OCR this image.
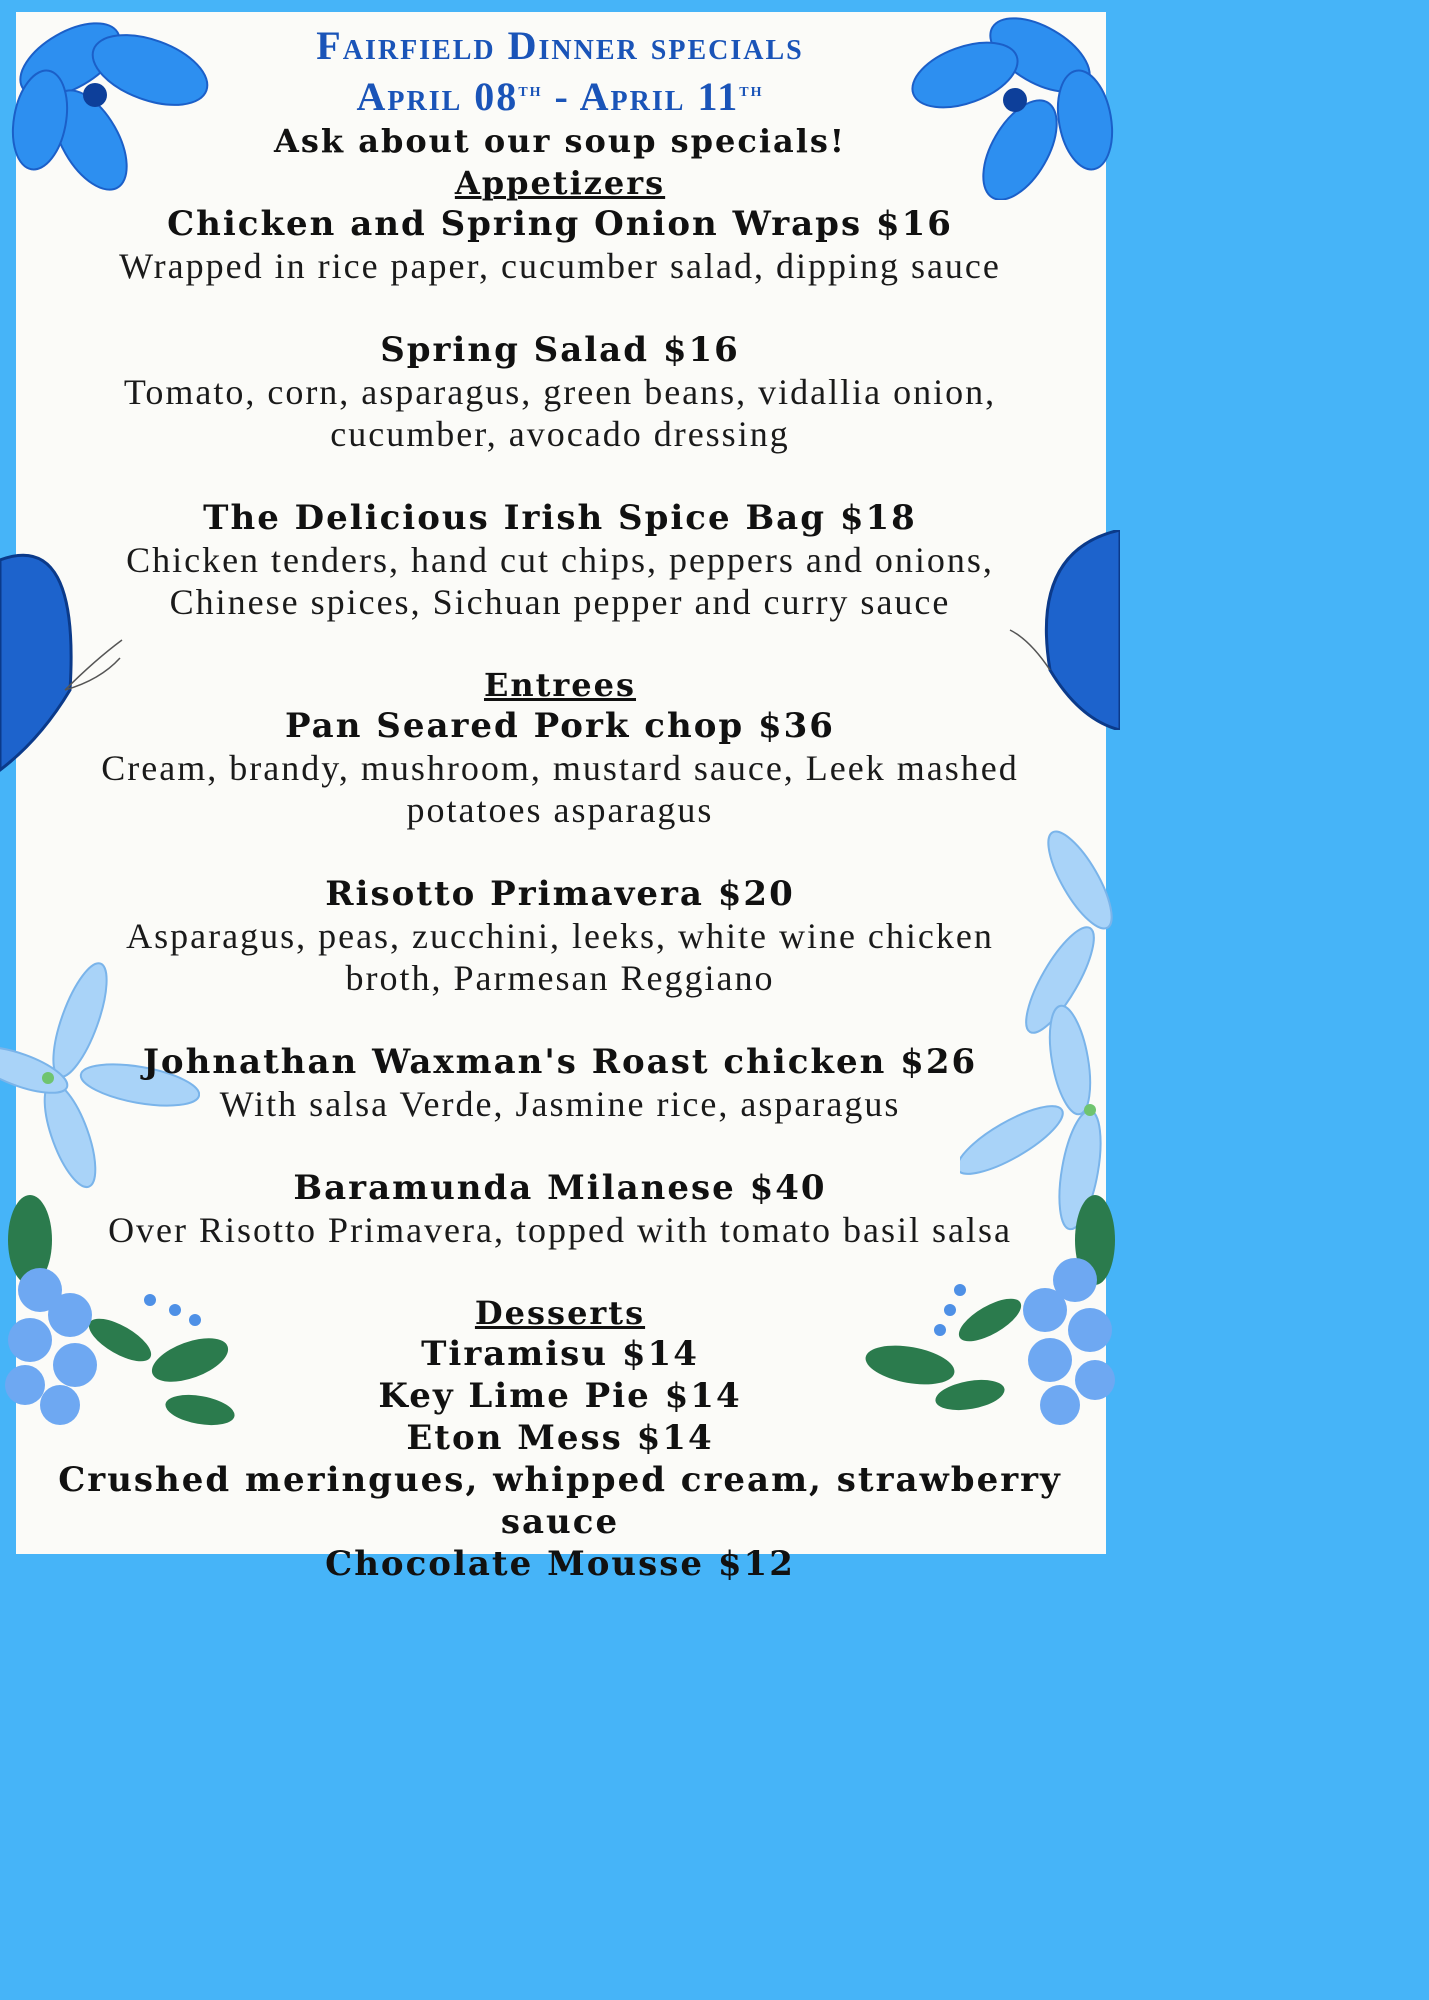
Fairfield Dinner specials
April 08th - April 11th
Ask about our soup specials!
Appetizers
Chicken and Spring Onion Wraps $16
Wrapped in rice paper, cucumber salad, dipping sauce
Spring Salad $16
Tomato, corn, asparagus, green beans, vidallia onion,
cucumber, avocado dressing
The Delicious Irish Spice Bag $18
Chicken tenders, hand cut chips, peppers and onions,
Chinese spices, Sichuan pepper and curry sauce
Entrees
Pan Seared Pork chop $36
Cream, brandy, mushroom, mustard sauce, Leek mashed
potatoes asparagus
Risotto Primavera $20
Asparagus, peas, zucchini, leeks, white wine chicken
broth, Parmesan Reggiano
Johnathan Waxman's Roast chicken $26
With salsa Verde, Jasmine rice, asparagus
Baramunda Milanese $40
Over Risotto Primavera, topped with tomato basil salsa
Desserts
Tiramisu $14
Key Lime Pie $14
Eton Mess $14
Crushed meringues, whipped cream, strawberry sauce
Chocolate Mousse $12
